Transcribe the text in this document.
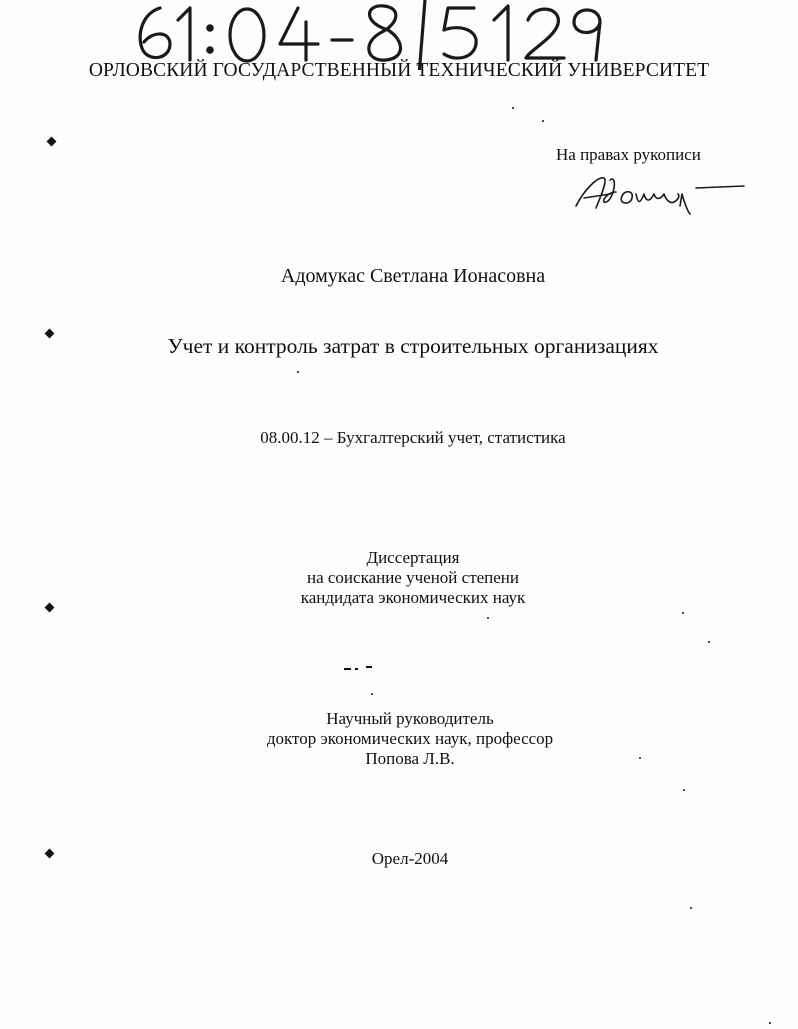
ОРЛОВСКИЙ ГОСУДАРСТВЕННЫЙ ТЕХНИЧЕСКИЙ УНИВЕРСИТЕТ
На правах рукописи
Адомукас Светлана Ионасовна
Учет и контроль затрат в строительных организациях
08.00.12 – Бухгалтерский учет, статистика
Диссертация
на соискание ученой степени
кандидата экономических наук
Научный руководитель
доктор экономических наук, профессор
Попова Л.В.
Орел-2004
